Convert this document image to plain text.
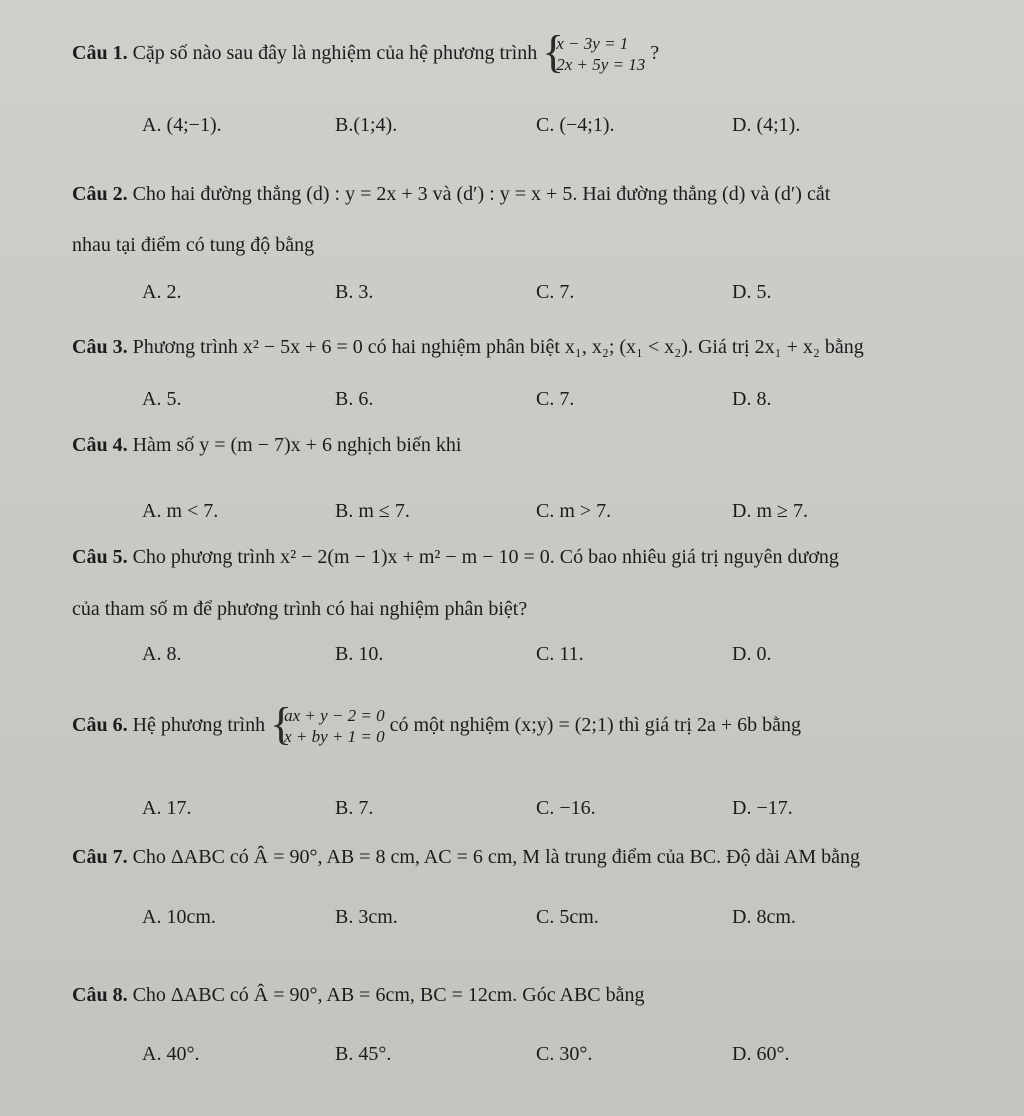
Câu 1. Cặp số nào sau đây là nghiệm của hệ phương trình {
x − 3y = 1
2x + 5y = 13 ?
A. (4;−1).	B.(1;4).	C. (−4;1).	D. (4;1).
Câu 2. Cho hai đường thẳng (d) : y = 2x + 3 và (d′) : y = x + 5. Hai đường thẳng (d) và (d′) cắt
nhau tại điểm có tung độ bằng
A. 2.	B. 3.	C. 7.	D. 5.
Câu 3. Phương trình x² − 5x + 6 = 0 có hai nghiệm phân biệt x₁, x₂; (x₁ < x₂). Giá trị 2x₁ + x₂ bằng
A. 5.	B. 6.	C. 7.	D. 8.
Câu 4. Hàm số y = (m − 7)x + 6 nghịch biến khi
A. m < 7.	B. m ≤ 7.	C. m > 7.	D. m ≥ 7.
Câu 5. Cho phương trình x² − 2(m − 1)x + m² − m − 10 = 0. Có bao nhiêu giá trị nguyên dương
của tham số m để phương trình có hai nghiệm phân biệt?
A. 8.	B. 10.	C. 11.	D. 0.
Câu 6. Hệ phương trình {
ax + y − 2 = 0
x + by + 1 = 0 có một nghiệm (x;y) = (2;1) thì giá trị 2a + 6b bằng
A. 17.	B. 7.	C. −16.	D. −17.
Câu 7. Cho ΔABC có Â = 90°, AB = 8 cm, AC = 6 cm, M là trung điểm của BC. Độ dài AM bằng
A. 10cm.	B. 3cm.	C. 5cm.	D. 8cm.
Câu 8. Cho ΔABC có Â = 90°, AB = 6cm, BC = 12cm. Góc ABC bằng
A. 40°.	B. 45°.	C. 30°.	D. 60°.
